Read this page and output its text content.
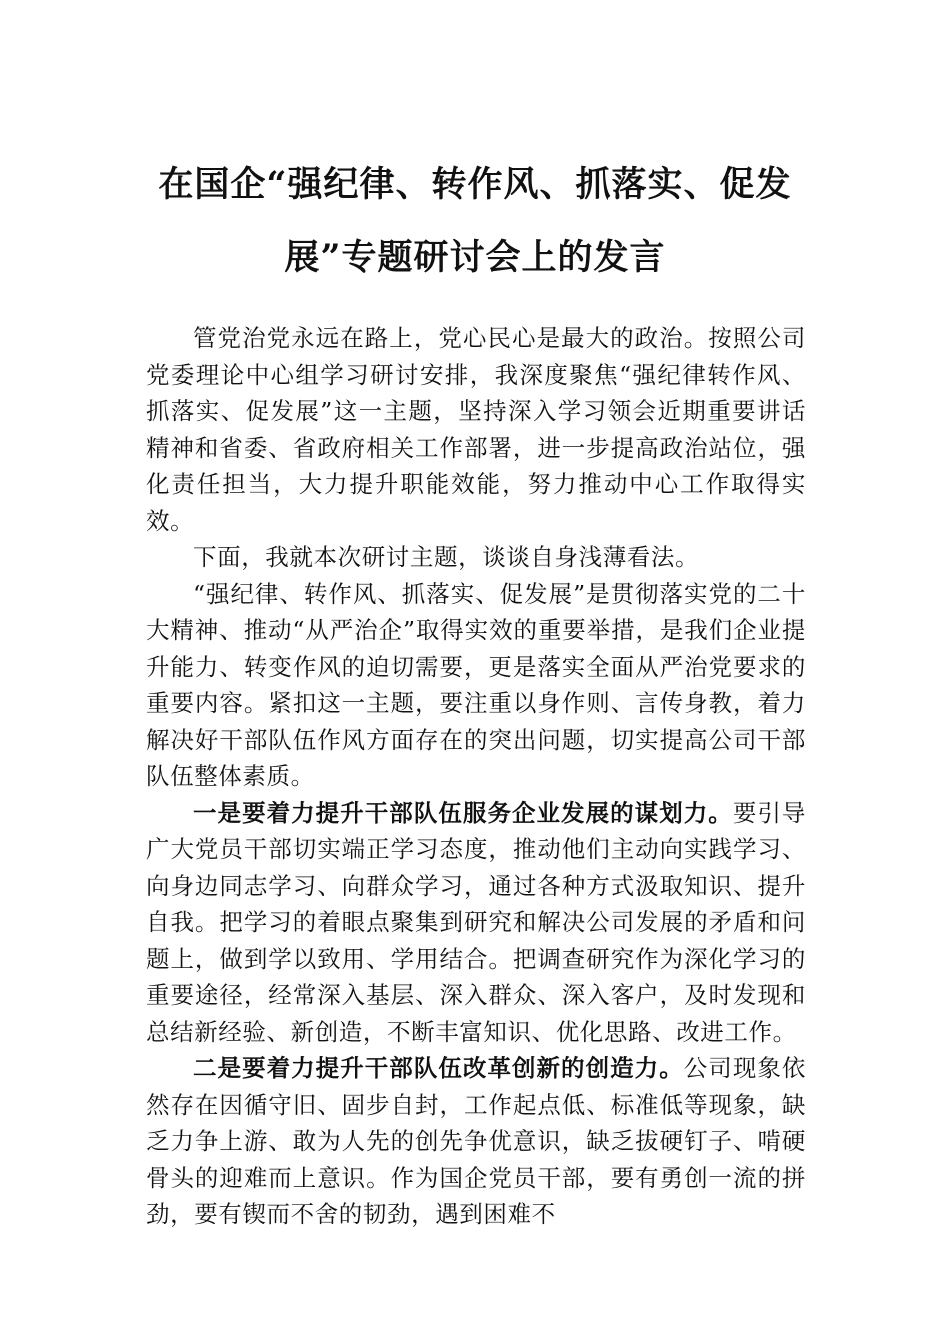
在国企“强纪律、转作风、抓落实、促发
展”专题研讨会上的发言

管党治党永远在路上，党心民心是最大的政治。按照公司党委理论中心组学习研讨安排，我深度聚焦“强纪律转作风、抓落实、促发展”这一主题，坚持深入学习领会近期重要讲话精神和省委、省政府相关工作部署，进一步提高政治站位，强化责任担当，大力提升职能效能，努力推动中心工作取得实效。

下面，我就本次研讨主题，谈谈自身浅薄看法。

“强纪律、转作风、抓落实、促发展”是贯彻落实党的二十大精神、推动“从严治企”取得实效的重要举措，是我们企业提升能力、转变作风的迫切需要，更是落实全面从严治党要求的重要内容。紧扣这一主题，要注重以身作则、言传身教，着力解决好干部队伍作风方面存在的突出问题，切实提高公司干部队伍整体素质。

一是要着力提升干部队伍服务企业发展的谋划力。要引导广大党员干部切实端正学习态度，推动他们主动向实践学习、向身边同志学习、向群众学习，通过各种方式汲取知识、提升自我。把学习的着眼点聚集到研究和解决公司发展的矛盾和问题上，做到学以致用、学用结合。把调查研究作为深化学习的重要途径，经常深入基层、深入群众、深入客户，及时发现和总结新经验、新创造，不断丰富知识、优化思路、改进工作。

二是要着力提升干部队伍改革创新的创造力。公司现象依然存在因循守旧、固步自封，工作起点低、标准低等现象，缺乏力争上游、敢为人先的创先争优意识，缺乏拔硬钉子、啃硬骨头的迎难而上意识。作为国企党员干部，要有勇创一流的拼劲，要有锲而不舍的韧劲，遇到困难不
